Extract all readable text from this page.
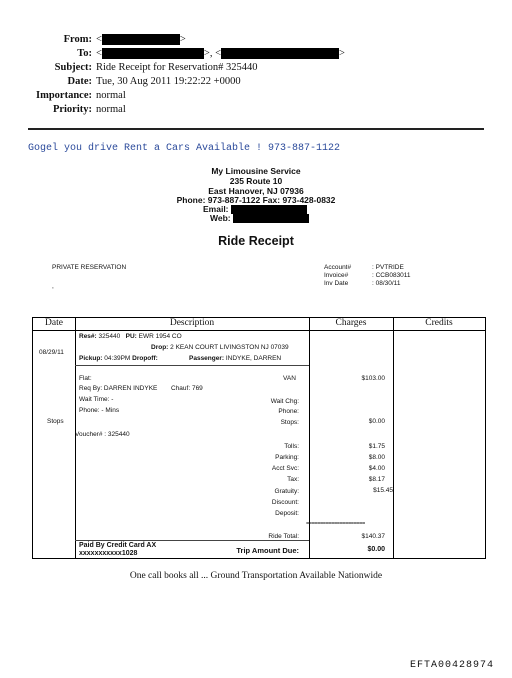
From: <	>
To: <	>, <	>
Subject: Ride Receipt for Reservation# 325440
Date: Tue, 30 Aug 2011 19:22:22 +0000
Importance: normal
Priority: normal
Gogel you drive Rent a Cars Available ! 973-887-1122
My Limousine Service
235 Route 10
East Hanover, NJ 07936
Phone: 973-887-1122 Fax: 973-428-0832
Email:
Web:
Ride Receipt
PRIVATE RESERVATION
,
Account#	: PVTRIDE
Invoice#	: CCB083011
Inv Date	: 08/30/11
Date	Description	Charges	Credits
08/29/11
Stops
Res#: 325440 PU: EWR 1954 CO
Drop: 2 KEAN COURT LIVINGSTON NJ 07039
Pickup: 04:39PM Dropoff:	Passenger: INDYKE, DARREN
Flat:	VAN	$103.00
Req By: DARREN INDYKE Chauf: 769
Wait Time: -	Wait Chg:
Phone: - Mins	Phone:
Stops:	$0.00
Voucher# : 325440
Tolls:	$1.75
Parking:	$8.00
Acct Svc:	$4.00
Tax:	$8.17
Gratuity:	$15.45
Discount:
Deposit:
=====================
Ride Total:	$140.37
Paid By Credit Card AX
xxxxxxxxxxx1028	Trip Amount Due:	$0.00
One call books all ... Ground Transportation Available Nationwide
EFTA00428974
